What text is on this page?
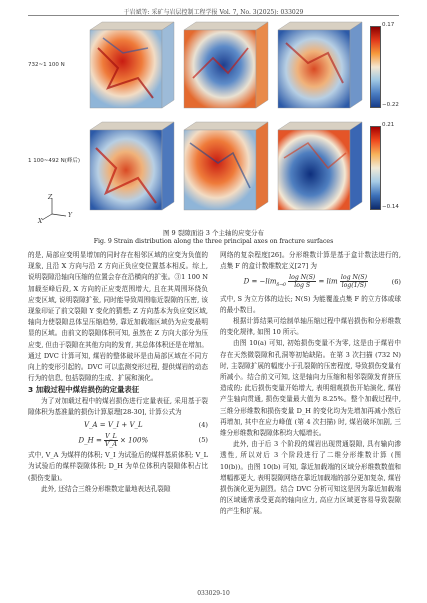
于岩斌等: 采矿与岩层控制工程学报 Vol. 7, No. 3(2025): 033029
732~1 100 N
1 100~492 N(峰后)
0.17
−0.22
0.21
−0.14
Z
Y
X
图 9 裂隙面沿 3 个主轴的应变分布
Fig. 9 Strain distribution along the three principal axes on fracture surfaces

的是, 局部应变明显增加的同时存在相邻区域的应变为负值的现象, 且沿 X 方向与沿 Z 方向正负应变位置基本相反。综上, 说明裂隙沿轴向压缩的位置会存在沿横向的扩张。③1 100 N 加载至峰后段, X 方向的正应变范围增大, 且在其周围环绕负应变区域, 说明裂隙扩张, 同时能导致周围临近裂隙的压密, 该现象印证了前文裂隙 Y 变化的猜想; Z 方向基本为负应变区域, 轴向力使裂隙总体呈压缩趋势, 靠近加载端区域仍为应变最明显的区域。由前文的裂隙体积可知, 虽然在 Z 方向大部分为压应变, 但由于裂隙在其他方向的发育, 其总体体积还是在增加。通过 DVC 计算可知, 煤岩的整体破坏是由局部区域在不同方向上的变形引起的。DVC 可以监测变形过程, 提供煤岩的动态行为的信息, 包括裂隙的生成、扩展和演化。

3 加载过程中煤岩损伤的定量表征

为了对加载过程中的煤岩损伤进行定量表征, 采用基于裂隙体积为基准量的损伤计算原理[28-30], 计算公式为

V_A = V_I + V_L	(4)
D_H = $\frac{V\_L}{V\_A} \times 100\%$	(5)

式中, V_A 为煤样的体积; V_I 为试验后的煤样基质体积; V_L 为试验后的煤样裂隙体积; D_H 为单位体积内裂隙体积占比 (损伤变量)。

此外, 还结合三维分形维数定量地表达孔裂隙

网络的复杂程度[26]。分形维数计算是基于盒计数法进行的, 点集 F 的盒计数维数定义[27] 为

$D = -\lim_{\delta\to 0} \frac{\text{log N(S)}}{\text{log S}} = \lim \frac{\text{log N(S)}}{\log(1/S)}$	(6)

式中, S 为立方体的边长; N(S) 为能覆盖点集 F 的立方体或球的最小数目。

根据计算结果可绘制单轴压缩过程中煤岩损伤和分形维数的变化规律, 如图 10 所示。

由图 10(a) 可知, 初始损伤变量不为零, 这是由于煤岩中存在天然微裂隙和孔洞等初始缺陷。在第 3 次扫描 (732 N) 时, 主裂隙扩展的幅度小于孔裂隙的压密程度, 导致损伤变量有所减小。结合前文可知, 这是轴向力压缩和相邻裂隙发育挤压造成的; 此后损伤变量开始增大, 表明细观损伤开始演化, 煤岩产生轴向贯通, 损伤变量最大值为 8.25%。整个加载过程中, 三维分形维数和损伤变量 D_H 的变化均为先增加再减小然后再增加, 其中在应力峰值 (第 4 次扫描) 时, 煤岩破坏加剧, 三维分形维数和裂隙体积均大幅增长。

此外, 由于后 3 个阶段的煤岩出现贯通裂隙, 具有输向渗透性, 所以对后 3 个阶段进行了二维分形维数计算 (图 10(b))。由图 10(b) 可知, 靠近加载端的区域分形维数数值和增幅都更大, 表明裂隙网络在靠近加载端的部分更加复杂, 煤岩损伤演化更为剧烈。结合 DVC 分析可知这是因为靠近加载端的区域通常承受更高的轴向应力, 高应力区域更容易导致裂隙的产生和扩展。

033029-10
